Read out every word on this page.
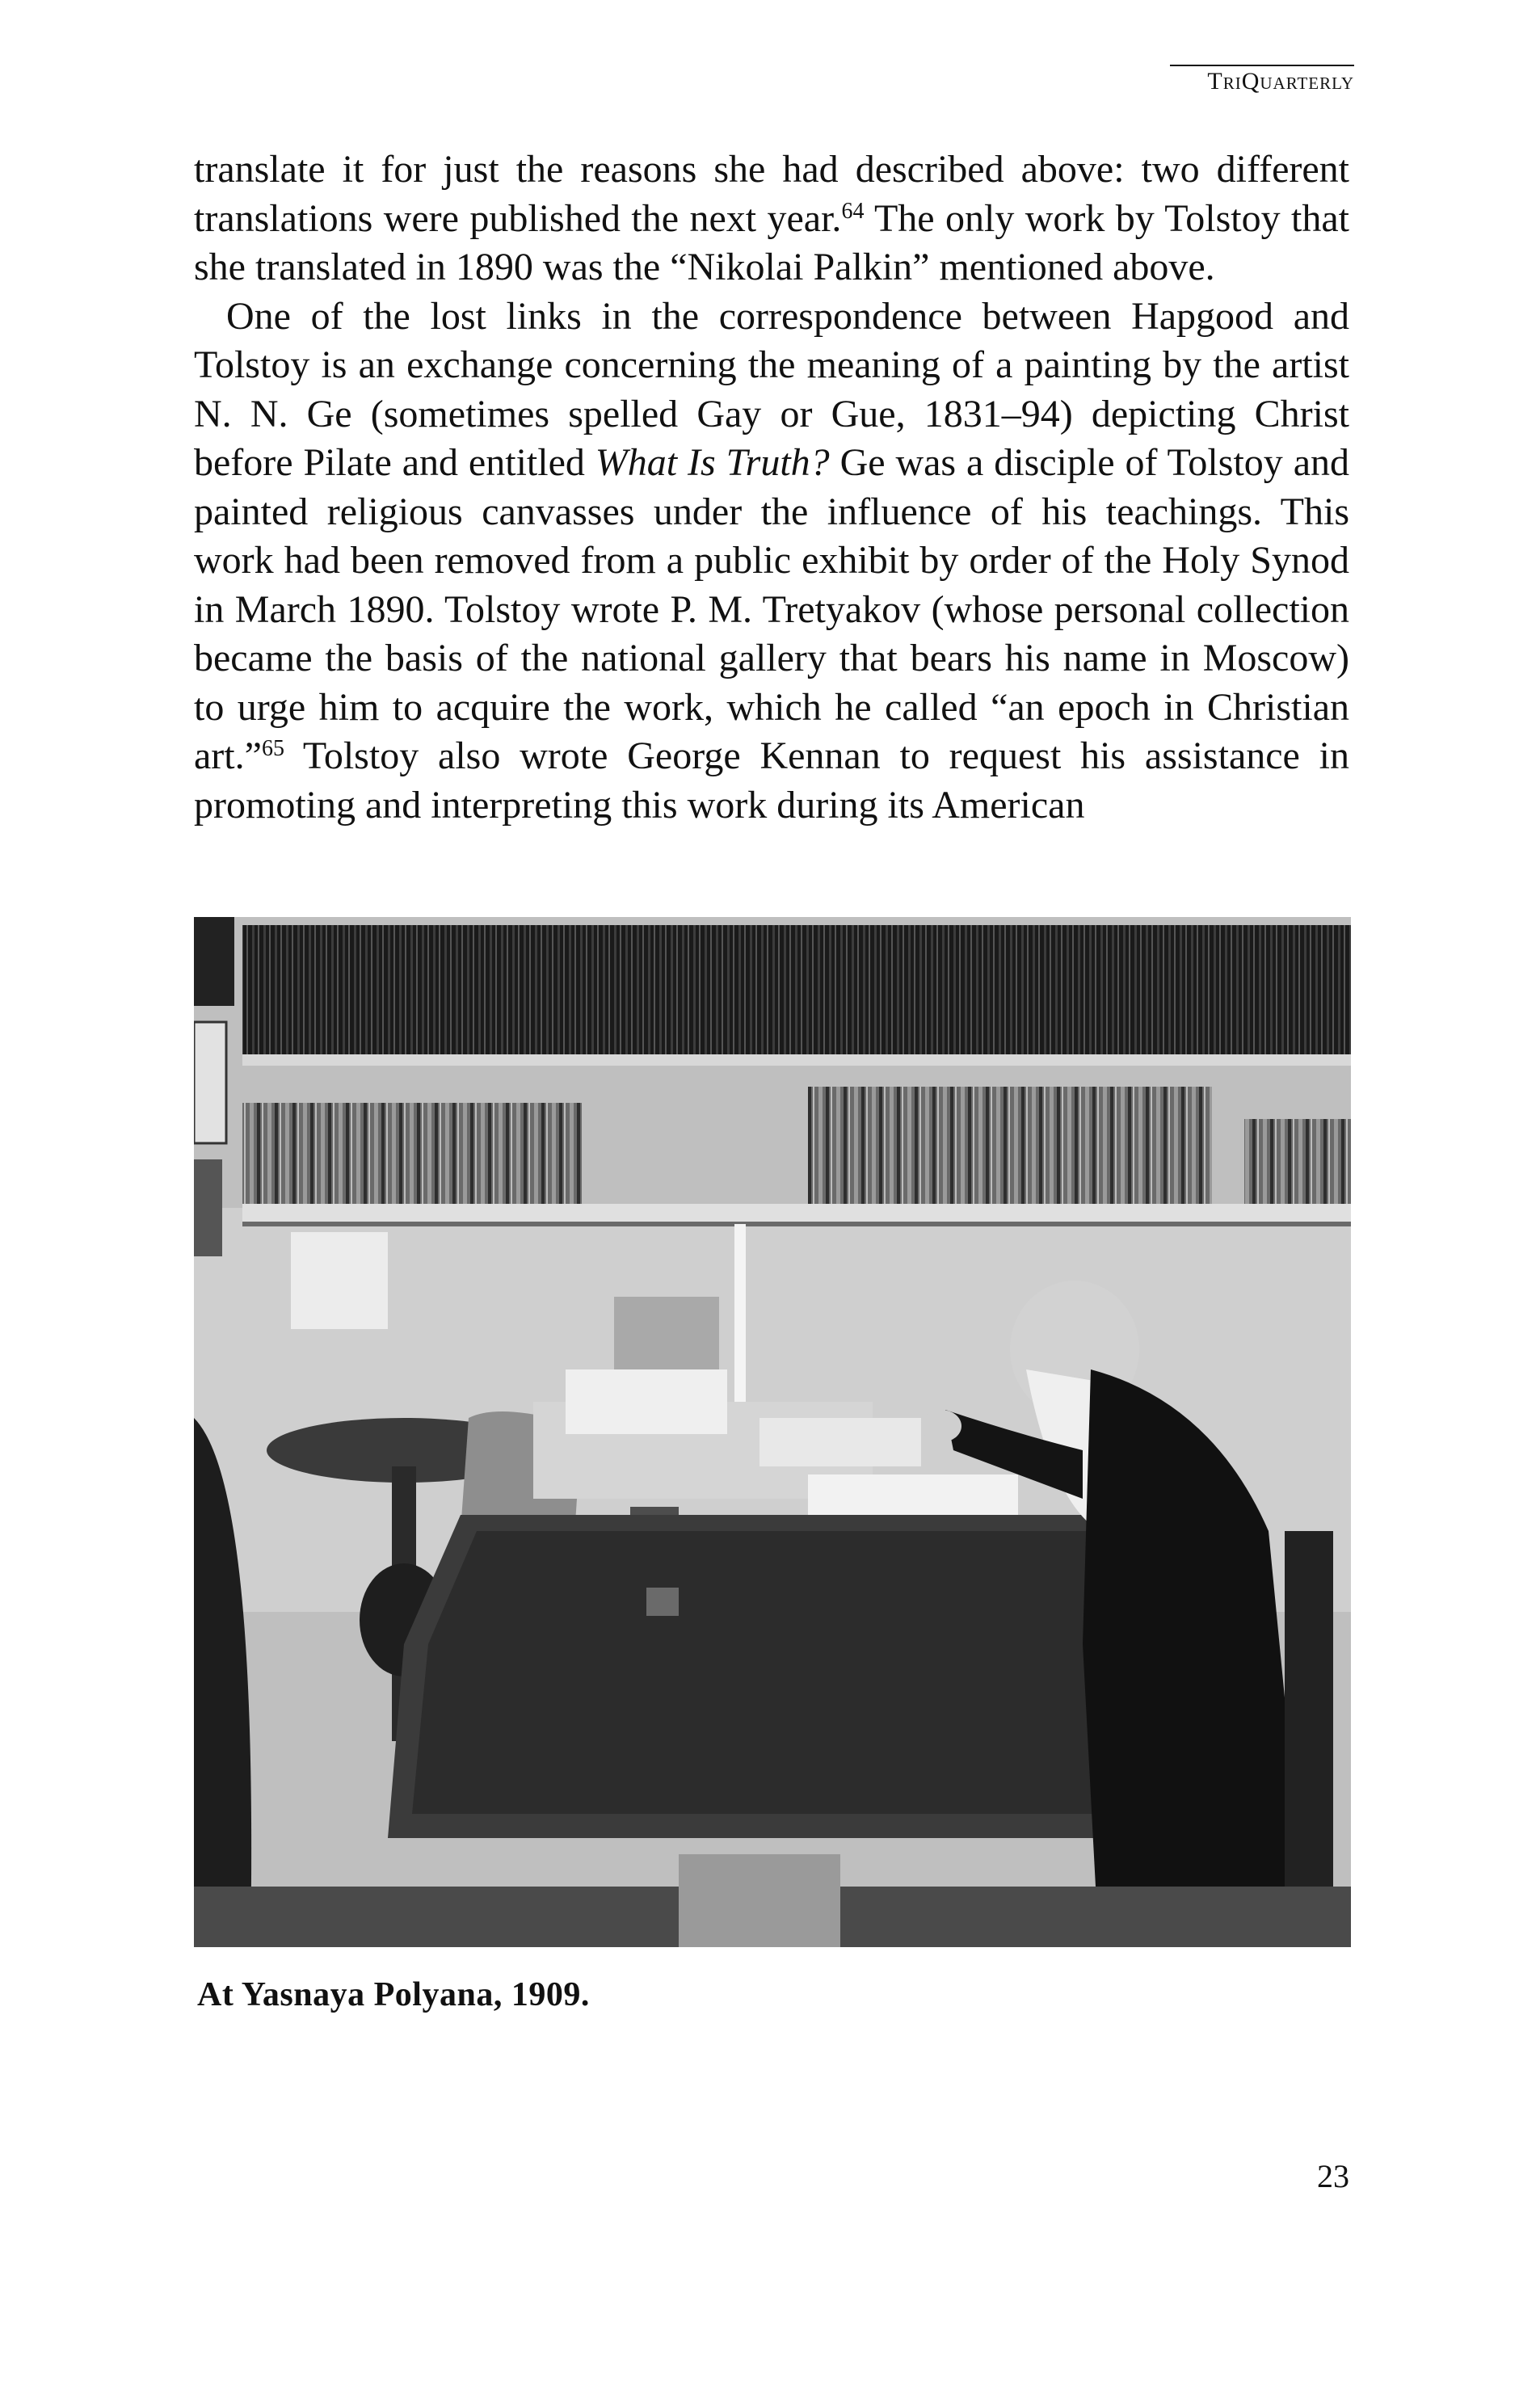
TriQuarterly

translate it for just the reasons she had described above: two different translations were published the next year.$^{64}$ The only work by Tolstoy that she translated in 1890 was the “Nikolai Palkin” mentioned above.

One of the lost links in the correspondence between Hapgood and Tolstoy is an exchange concerning the meaning of a painting by the artist N. N. Ge (sometimes spelled Gay or Gue, 1831–94) depicting Christ before Pilate and entitled What Is Truth? Ge was a disciple of Tolstoy and painted religious canvasses under the influence of his teachings. This work had been removed from a public exhibit by order of the Holy Synod in March 1890. Tolstoy wrote P. M. Tretyakov (whose personal collection became the basis of the national gallery that bears his name in Moscow) to urge him to acquire the work, which he called “an epoch in Christian art.”$^{65}$ Tolstoy also wrote George Kennan to request his assistance in promoting and interpreting this work during its American

At Yasnaya Polyana, 1909.
23
